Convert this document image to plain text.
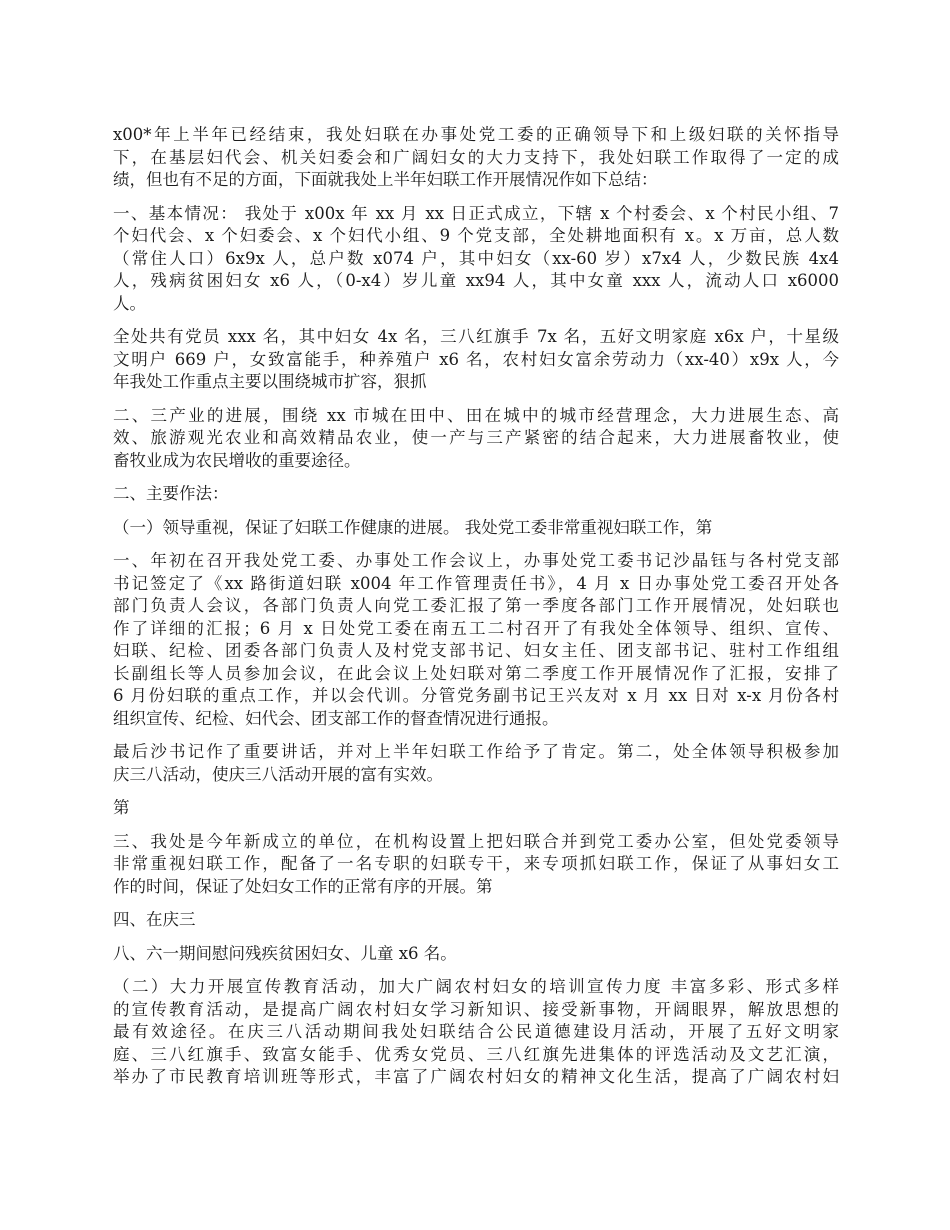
x00*年上半年已经结束，我处妇联在办事处党工委的正确领导下和上级妇联的关怀指导
下，在基层妇代会、机关妇委会和广阔妇女的大力支持下，我处妇联工作取得了一定的成
绩，但也有不足的方面，下面就我处上半年妇联工作开展情况作如下总结：

一、基本情况： 我处于 x00x 年 xx 月 xx 日正式成立，下辖 x 个村委会、x 个村民小组、7
个妇代会、x 个妇委会、x 个妇代小组、9 个党支部，全处耕地面积有 x。x 万亩，总人数
（常住人口）6x9x 人，总户数 x074 户，其中妇女（xx-60 岁）x7x4 人，少数民族 4x4
人，残病贫困妇女 x6 人，（0-x4）岁儿童 xx94 人，其中女童 xxx 人，流动人口 x6000
人。

全处共有党员 xxx 名，其中妇女 4x 名，三八红旗手 7x 名，五好文明家庭 x6x 户，十星级
文明户 669 户，女致富能手，种养殖户 x6 名，农村妇女富余劳动力（xx-40）x9x 人，今
年我处工作重点主要以围绕城市扩容，狠抓

二、三产业的进展，围绕 xx 市城在田中、田在城中的城市经营理念，大力进展生态、高
效、旅游观光农业和高效精品农业，使一产与三产紧密的结合起来，大力进展畜牧业，使
畜牧业成为农民增收的重要途径。

二、主要作法：

（一）领导重视，保证了妇联工作健康的进展。 我处党工委非常重视妇联工作，第

一、年初在召开我处党工委、办事处工作会议上，办事处党工委书记沙晶钰与各村党支部
书记签定了《xx 路街道妇联 x004 年工作管理责任书》，4 月 x 日办事处党工委召开处各
部门负责人会议，各部门负责人向党工委汇报了第一季度各部门工作开展情况，处妇联也
作了详细的汇报；6 月 x 日处党工委在南五工二村召开了有我处全体领导、组织、宣传、
妇联、纪检、团委各部门负责人及村党支部书记、妇女主任、团支部书记、驻村工作组组
长副组长等人员参加会议，在此会议上处妇联对第二季度工作开展情况作了汇报，安排了
6 月份妇联的重点工作，并以会代训。分管党务副书记王兴友对 x 月 xx 日对 x-x 月份各村
组织宣传、纪检、妇代会、团支部工作的督查情况进行通报。

最后沙书记作了重要讲话，并对上半年妇联工作给予了肯定。第二，处全体领导积极参加
庆三八活动，使庆三八活动开展的富有实效。

第

三、我处是今年新成立的单位，在机构设置上把妇联合并到党工委办公室，但处党委领导
非常重视妇联工作，配备了一名专职的妇联专干，来专项抓妇联工作，保证了从事妇女工
作的时间，保证了处妇女工作的正常有序的开展。第

四、在庆三

八、六一期间慰问残疾贫困妇女、儿童 x6 名。

（二）大力开展宣传教育活动，加大广阔农村妇女的培训宣传力度 丰富多彩、形式多样
的宣传教育活动，是提高广阔农村妇女学习新知识、接受新事物，开阔眼界，解放思想的
最有效途径。在庆三八活动期间我处妇联结合公民道德建设月活动，开展了五好文明家
庭、三八红旗手、致富女能手、优秀女党员、三八红旗先进集体的评选活动及文艺汇演，
举办了市民教育培训班等形式，丰富了广阔农村妇女的精神文化生活，提高了广阔农村妇
